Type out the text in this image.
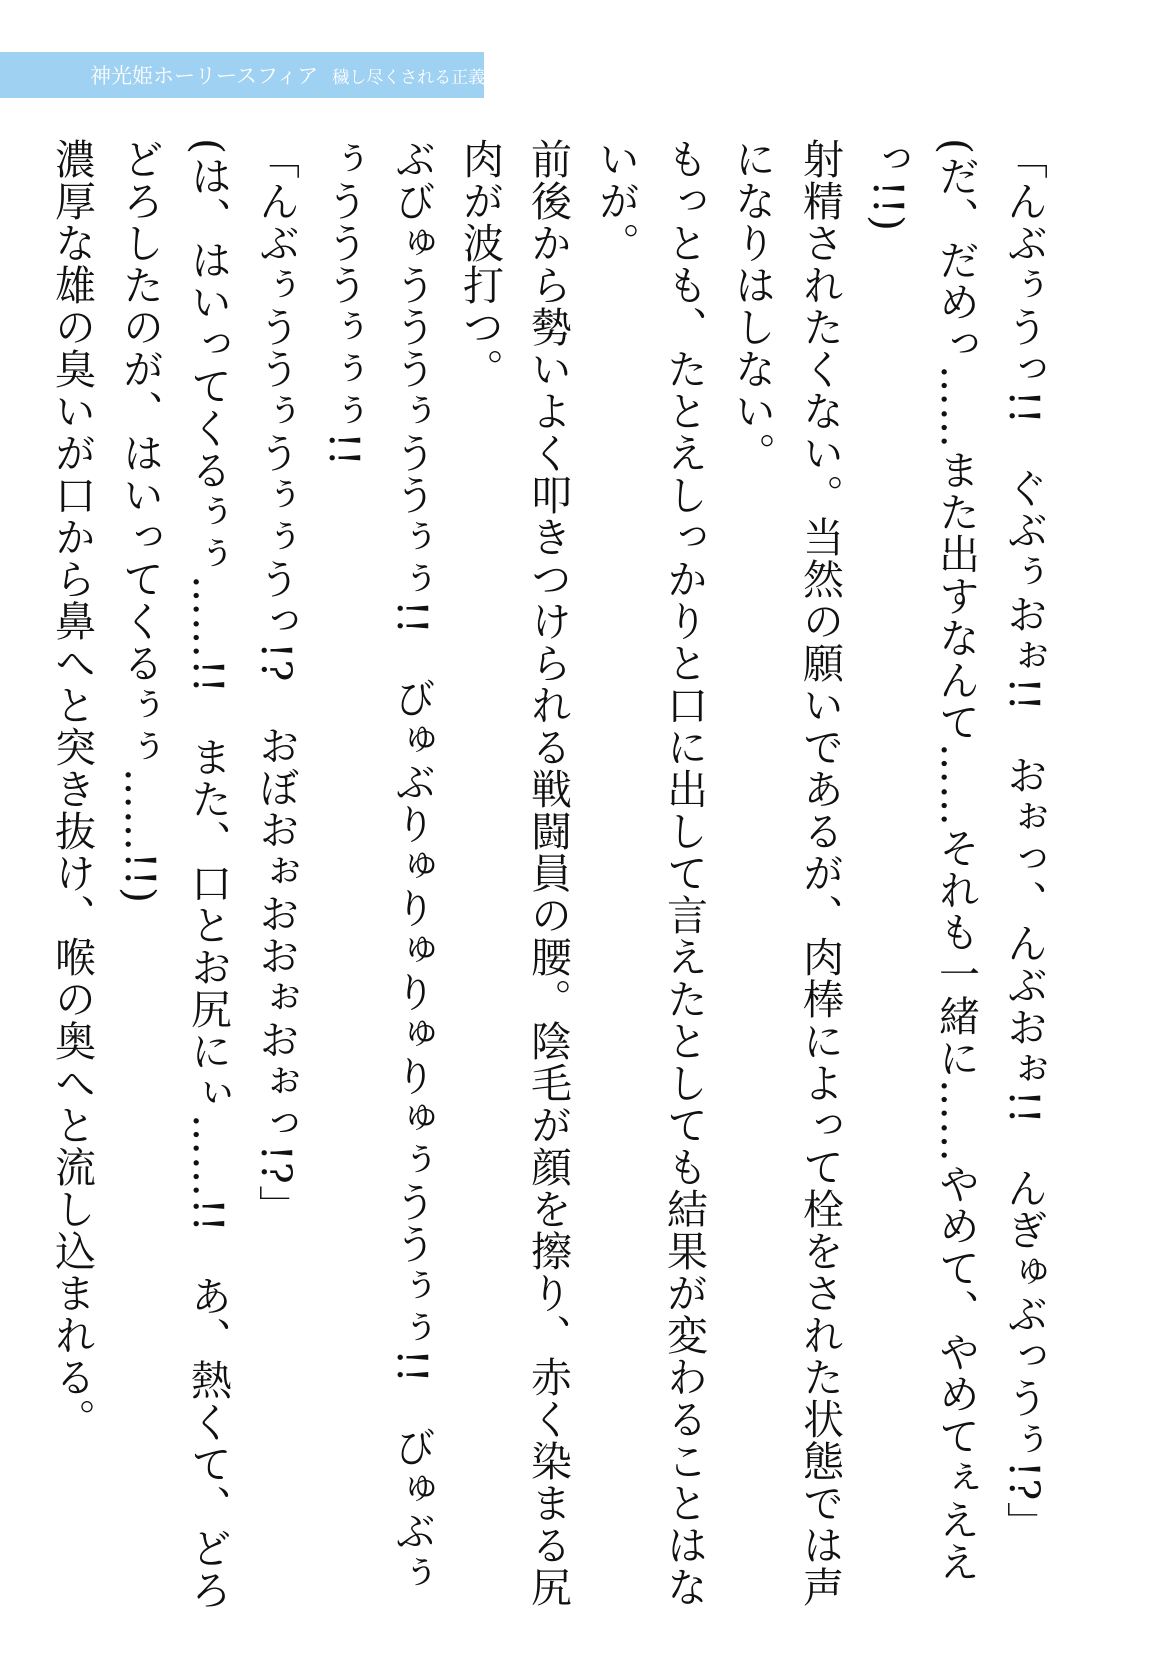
神光姫ホーリースフィア 穢し尽くされる正義

「んぶぅうっ!!　ぐぶぅおぉ!!　おぉっ、んぶおぉ!!　んぎゅぶっうぅ!?」

(だ、だめっ……また出すなんて……それも一緒に……やめて、やめてぇええっ!!)

射精されたくない。当然の願いであるが、肉棒によって栓をされた状態では声になりはしない。

もっとも、たとえしっかりと口に出して言えたとしても結果が変わることはないが。

前後から勢いよく叩きつけられる戦闘員の腰。陰毛が顔を擦り、赤く染まる尻肉が波打つ。

ぶびゅうううぅううぅぅ!!　びゅぶりゅりゅりゅりゅぅううぅぅ!!　びゅぶぅぅうううぅぅぅ!!

「んぶぅううぅうぅぅうっ!?　おぼおぉおおぉおぉっ!?」

(は、はいってくるぅぅ……!!　また、口とお尻にぃ……!!　あ、熱くて、どろどろしたのが、はいってくるぅぅ……!!)

濃厚な雄の臭いが口から鼻へと突き抜け、喉の奥へと流し込まれる。
